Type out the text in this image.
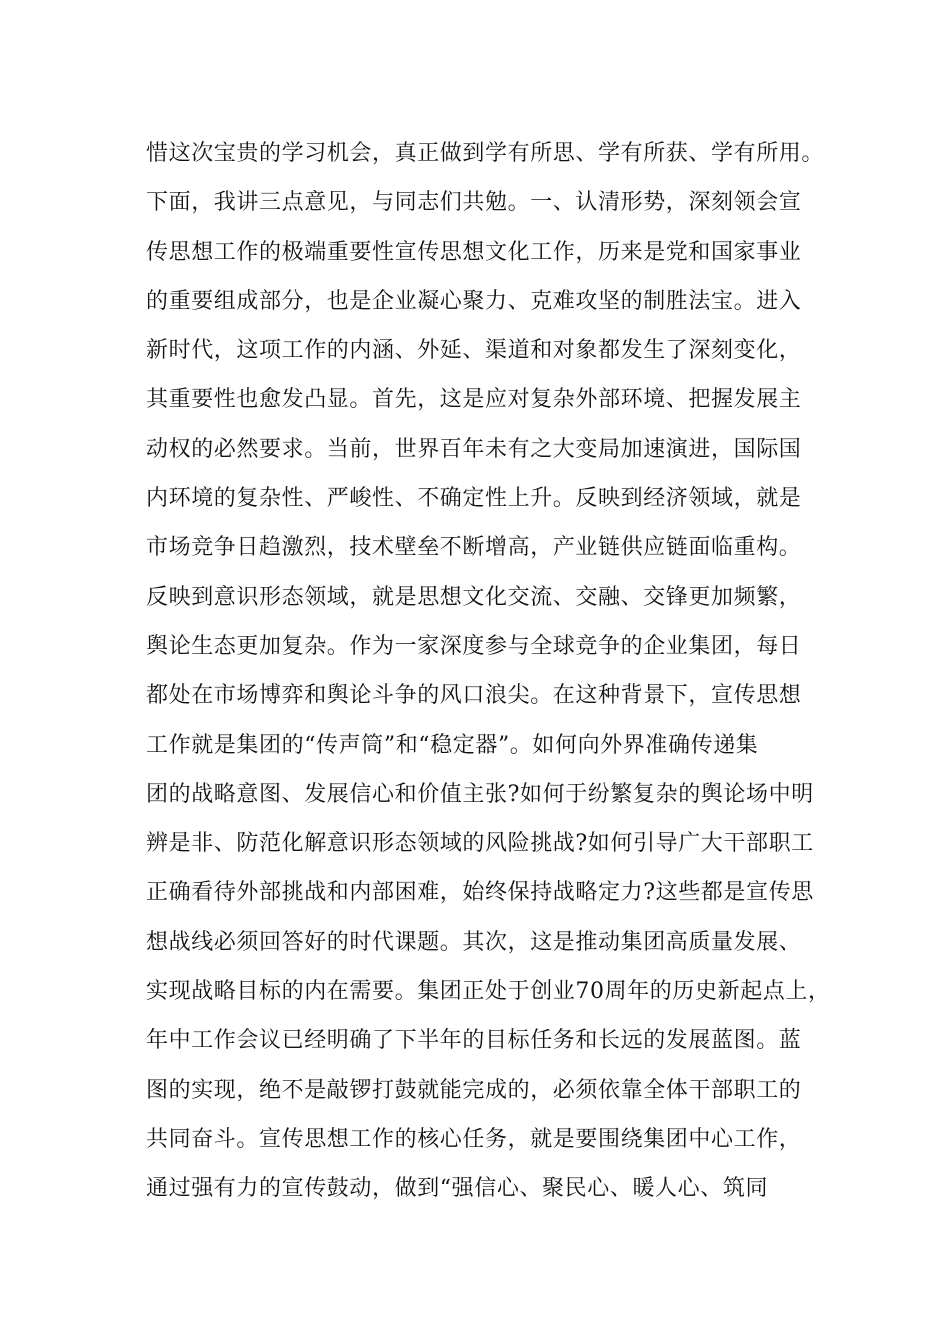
惜这次宝贵的学习机会，真正做到学有所思、学有所获、学有所用。
下面，我讲三点意见，与同志们共勉。一、认清形势，深刻领会宣
传思想工作的极端重要性宣传思想文化工作，历来是党和国家事业
的重要组成部分，也是企业凝心聚力、克难攻坚的制胜法宝。进入
新时代，这项工作的内涵、外延、渠道和对象都发生了深刻变化，
其重要性也愈发凸显。首先，这是应对复杂外部环境、把握发展主
动权的必然要求。当前，世界百年未有之大变局加速演进，国际国
内环境的复杂性、严峻性、不确定性上升。反映到经济领域，就是
市场竞争日趋激烈，技术壁垒不断增高，产业链供应链面临重构。
反映到意识形态领域，就是思想文化交流、交融、交锋更加频繁，
舆论生态更加复杂。作为一家深度参与全球竞争的企业集团，每日
都处在市场博弈和舆论斗争的风口浪尖。在这种背景下，宣传思想
工作就是集团的“传声筒”和“稳定器”。如何向外界准确传递集
团的战略意图、发展信心和价值主张?如何于纷繁复杂的舆论场中明
辨是非、防范化解意识形态领域的风险挑战?如何引导广大干部职工
正确看待外部挑战和内部困难，始终保持战略定力?这些都是宣传思
想战线必须回答好的时代课题。其次，这是推动集团高质量发展、
实现战略目标的内在需要。集团正处于创业70周年的历史新起点上，
年中工作会议已经明确了下半年的目标任务和长远的发展蓝图。蓝
图的实现，绝不是敲锣打鼓就能完成的，必须依靠全体干部职工的
共同奋斗。宣传思想工作的核心任务，就是要围绕集团中心工作，
通过强有力的宣传鼓动，做到“强信心、聚民心、暖人心、筑同
